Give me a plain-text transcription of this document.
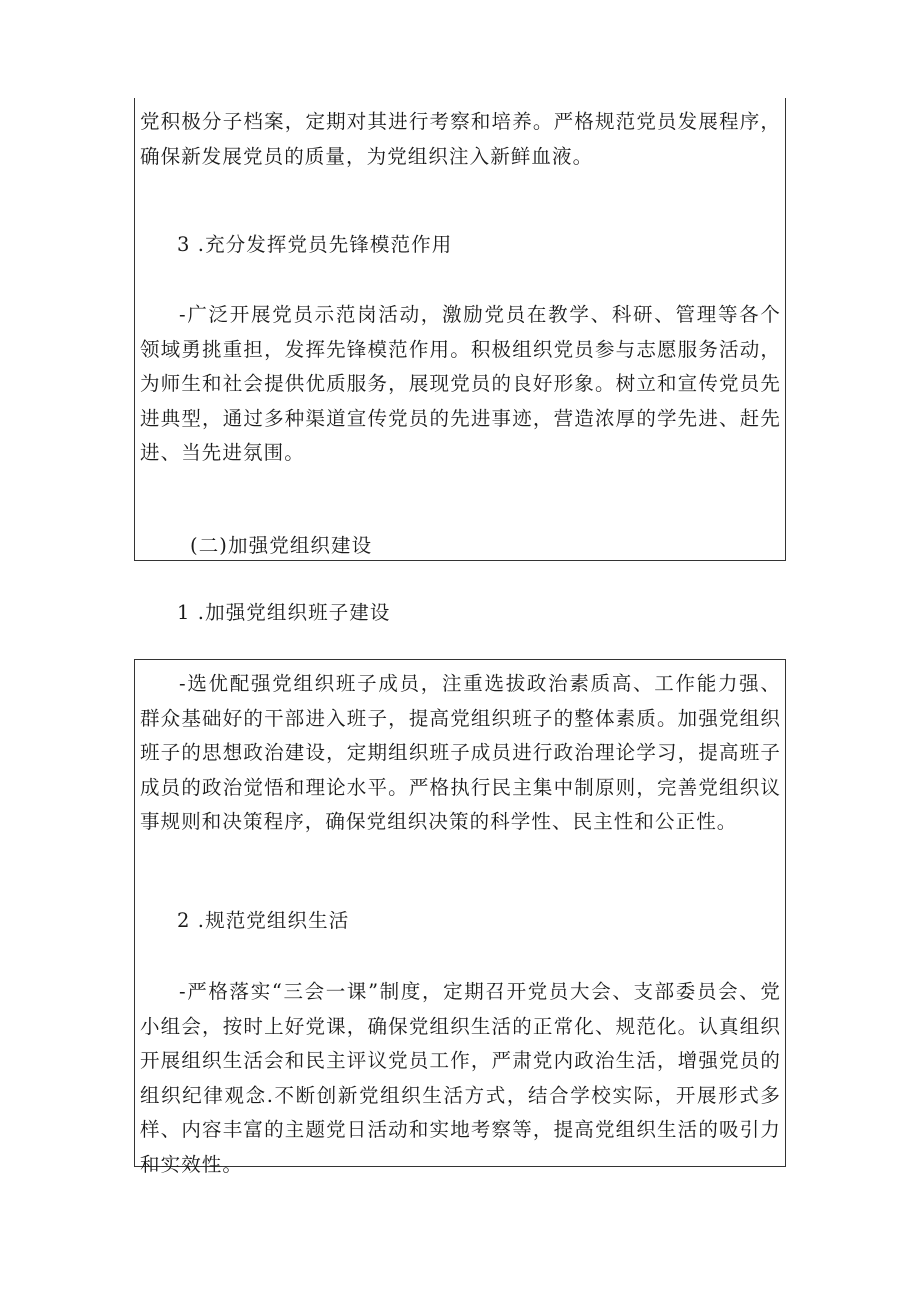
党积极分子档案，定期对其进行考察和培养。严格规范党员发展程序，确保新发展党员的质量，为党组织注入新鲜血液。

3 .充分发挥党员先锋模范作用

-广泛开展党员示范岗活动，激励党员在教学、科研、管理等各个领域勇挑重担，发挥先锋模范作用。积极组织党员参与志愿服务活动，为师生和社会提供优质服务，展现党员的良好形象。树立和宣传党员先进典型，通过多种渠道宣传党员的先进事迹，营造浓厚的学先进、赶先进、当先进氛围。

(二)加强党组织建设

1 .加强党组织班子建设

-选优配强党组织班子成员，注重选拔政治素质高、工作能力强、群众基础好的干部进入班子，提高党组织班子的整体素质。加强党组织班子的思想政治建设，定期组织班子成员进行政治理论学习，提高班子成员的政治觉悟和理论水平。严格执行民主集中制原则，完善党组织议事规则和决策程序，确保党组织决策的科学性、民主性和公正性。

2 .规范党组织生活

-严格落实“三会一课”制度，定期召开党员大会、支部委员会、党小组会，按时上好党课，确保党组织生活的正常化、规范化。认真组织开展组织生活会和民主评议党员工作，严肃党内政治生活，增强党员的组织纪律观念.不断创新党组织生活方式，结合学校实际，开展形式多样、内容丰富的主题党日活动和实地考察等，提高党组织生活的吸引力和实效性。
